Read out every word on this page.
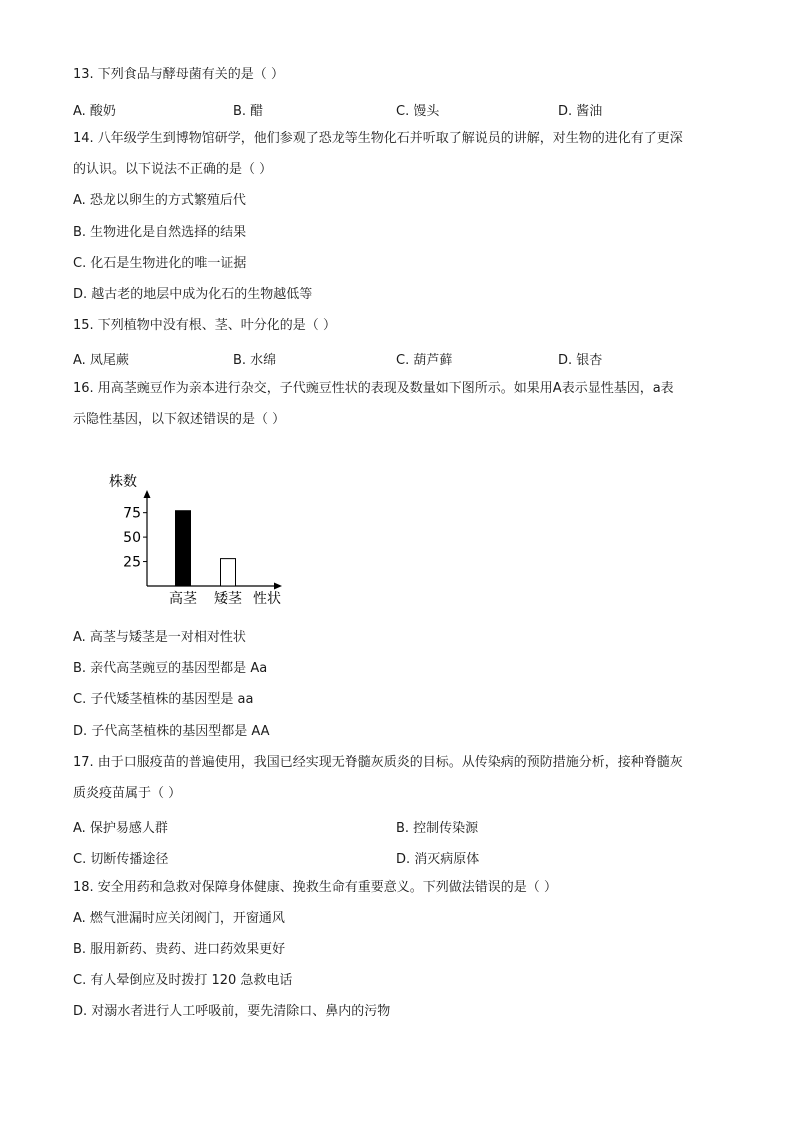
13. 下列食品与酵母菌有关的是（ ）
A. 酸奶	B. 醋	C. 馒头	D. 酱油
14. 八年级学生到博物馆研学，他们参观了恐龙等生物化石并听取了解说员的讲解，对生物的进化有了更深
的认识。以下说法不正确的是（ ）
A. 恐龙以卵生的方式繁殖后代
B. 生物进化是自然选择的结果
C. 化石是生物进化的唯一证据
D. 越古老的地层中成为化石的生物越低等
15. 下列植物中没有根、茎、叶分化的是（ ）
A. 凤尾蕨	B. 水绵	C. 葫芦藓	D. 银杏
16. 用高茎豌豆作为亲本进行杂交，子代豌豆性状的表现及数量如下图所示。如果用A表示显性基因，a表
示隐性基因，以下叙述错误的是（ ）
株数
25
50
75
高茎 矮茎 性状
A. 高茎与矮茎是一对相对性状
B. 亲代高茎豌豆的基因型都是 Aa
C. 子代矮茎植株的基因型是 aa
D. 子代高茎植株的基因型都是 AA
17. 由于口服疫苗的普遍使用，我国已经实现无脊髓灰质炎的目标。从传染病的预防措施分析，接种脊髓灰
质炎疫苗属于（ ）
A. 保护易感人群	B. 控制传染源
C. 切断传播途径	D. 消灭病原体
18. 安全用药和急救对保障身体健康、挽救生命有重要意义。下列做法错误的是（ ）
A. 燃气泄漏时应关闭阀门，开窗通风
B. 服用新药、贵药、进口药效果更好
C. 有人晕倒应及时拨打 120 急救电话
D. 对溺水者进行人工呼吸前，要先清除口、鼻内的污物
